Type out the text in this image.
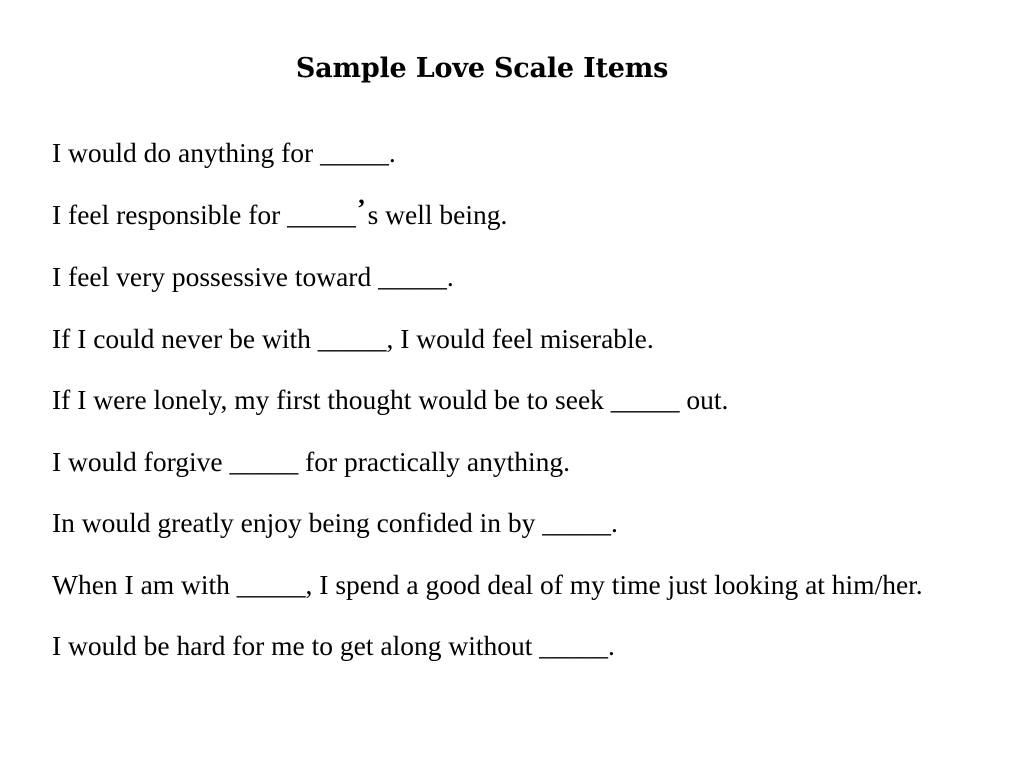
Sample Love Scale Items
I would do anything for _____.
I feel responsible for _____’s well being.
I feel very possessive toward _____.
If I could never be with _____, I would feel miserable.
If I were lonely, my first thought would be to seek _____ out.
I would forgive _____ for practically anything.
In would greatly enjoy being confided in by _____.
When I am with _____, I spend a good deal of my time just looking at him/her.
I would be hard for me to get along without _____.
